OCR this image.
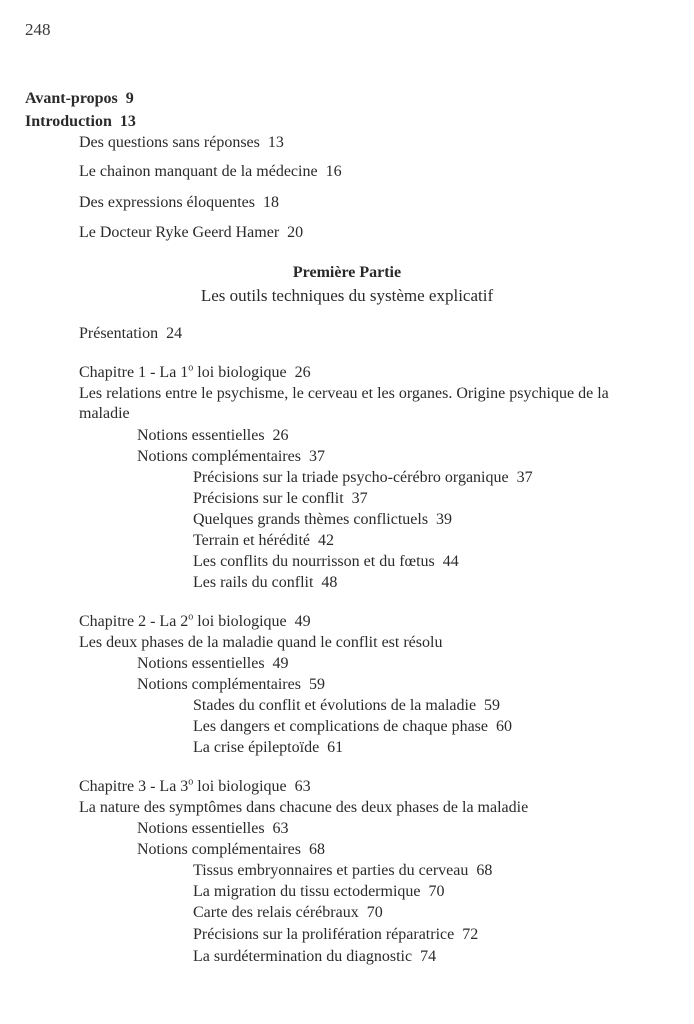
248
Avant-propos 9
Introduction 13
Des questions sans réponses 13
Le chainon manquant de la médecine 16
Des expressions éloquentes 18
Le Docteur Ryke Geerd Hamer 20
Première Partie
Les outils techniques du système explicatif
Présentation 24
Chapitre 1 - La 1$^o$ loi biologique 26
Les relations entre le psychisme, le cerveau et les organes. Origine psychique de la maladie
Notions essentielles 26
Notions complémentaires 37
Précisions sur la triade psycho-cérébro organique 37
Précisions sur le conflit 37
Quelques grands thèmes conflictuels 39
Terrain et hérédité 42
Les conflits du nourrisson et du fœtus 44
Les rails du conflit 48
Chapitre 2 - La 2$^o$ loi biologique 49
Les deux phases de la maladie quand le conflit est résolu
Notions essentielles 49
Notions complémentaires 59
Stades du conflit et évolutions de la maladie 59
Les dangers et complications de chaque phase 60
La crise épileptoïde 61
Chapitre 3 - La 3$^o$ loi biologique 63
La nature des symptômes dans chacune des deux phases de la maladie
Notions essentielles 63
Notions complémentaires 68
Tissus embryonnaires et parties du cerveau 68
La migration du tissu ectodermique 70
Carte des relais cérébraux 70
Précisions sur la prolifération réparatrice 72
La surdétermination du diagnostic 74
